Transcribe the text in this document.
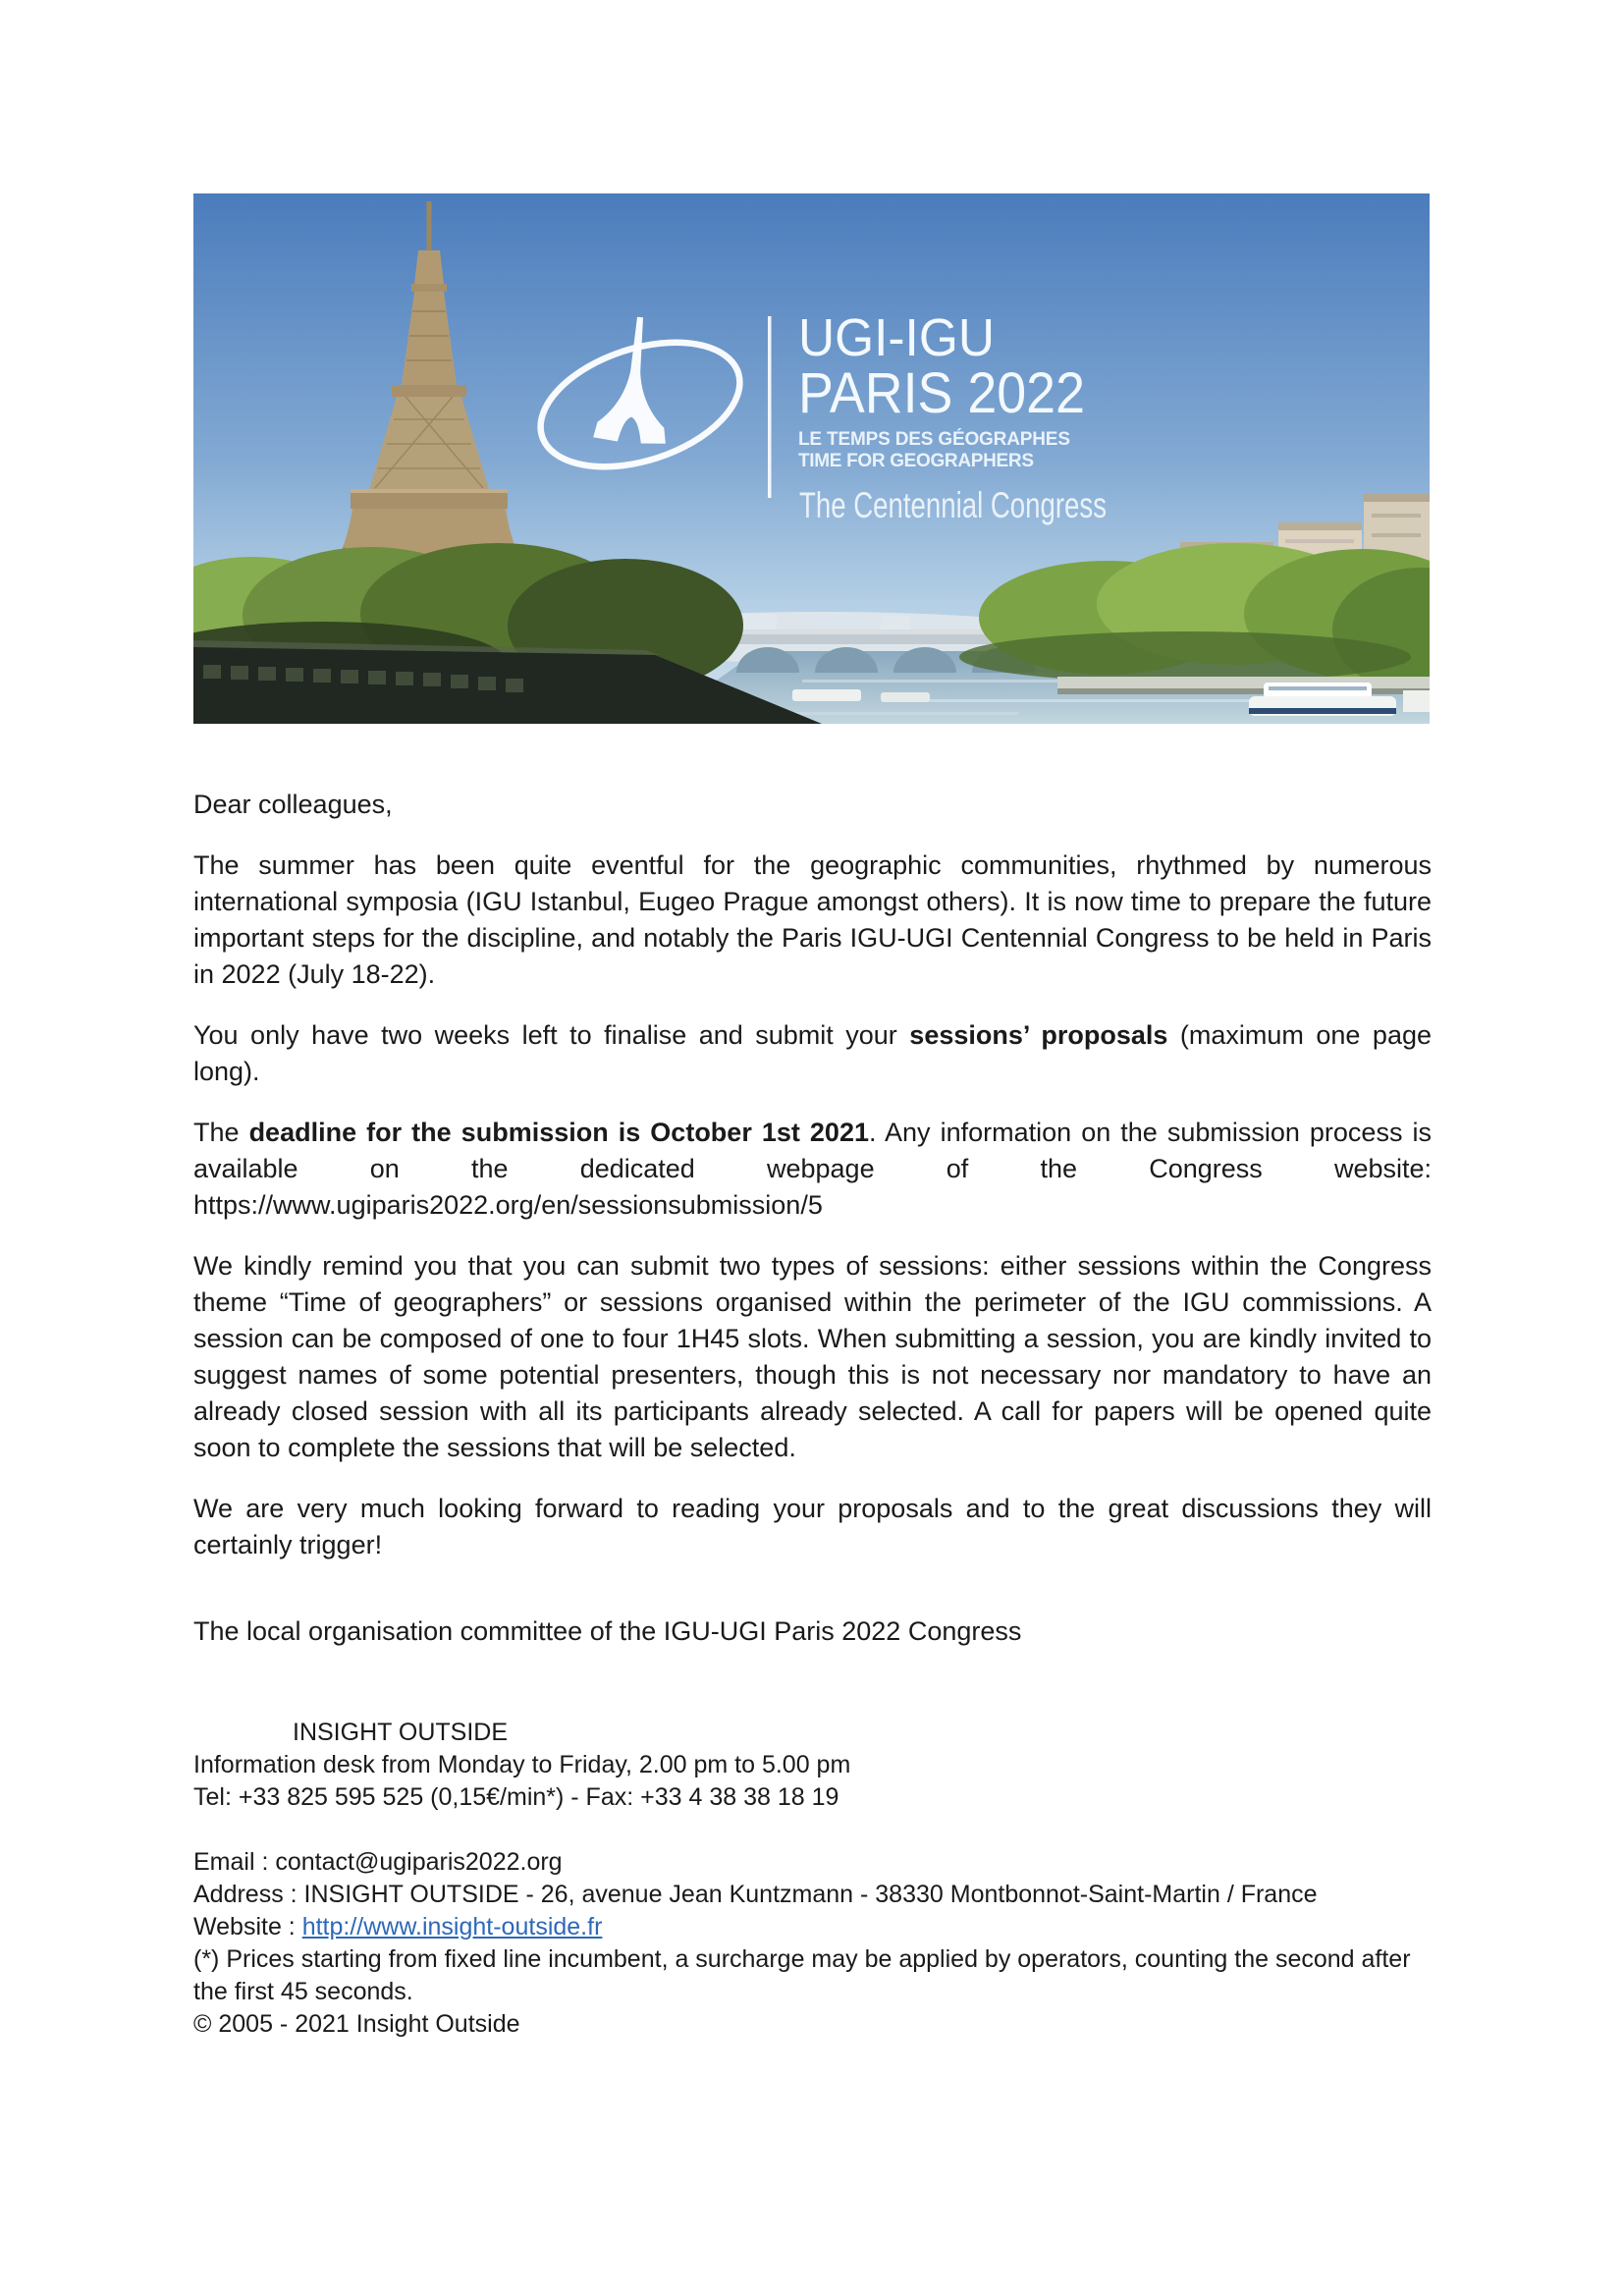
UGI-IGU
PARIS 2022
LE TEMPS DES GÉOGRAPHES
TIME FOR GEOGRAPHERS
The Centennial Congress

Dear colleagues,

The summer has been quite eventful for the geographic communities, rhythmed by numerous international symposia (IGU Istanbul, Eugeo Prague amongst others). It is now time to prepare the future important steps for the discipline, and notably the Paris IGU-UGI Centennial Congress to be held in Paris in 2022 (July 18-22).

You only have two weeks left to finalise and submit your sessions’ proposals (maximum one page long).

The deadline for the submission is October 1st 2021. Any information on the submission process is available on the dedicated webpage of the Congress website: https://www.ugiparis2022.org/en/sessionsubmission/5

We kindly remind you that you can submit two types of sessions: either sessions within the Congress theme “Time of geographers” or sessions organised within the perimeter of the IGU commissions. A session can be composed of one to four 1H45 slots. When submitting a session, you are kindly invited to suggest names of some potential presenters, though this is not necessary nor mandatory to have an already closed session with all its participants already selected. A call for papers will be opened quite soon to complete the sessions that will be selected.

We are very much looking forward to reading your proposals and to the great discussions they will certainly trigger!

The local organisation committee of the IGU-UGI Paris 2022 Congress

INSIGHT OUTSIDE
Information desk from Monday to Friday, 2.00 pm to 5.00 pm
Tel: +33 825 595 525 (0,15€/min*) - Fax: +33 4 38 38 18 19
Email : contact@ugiparis2022.org
Address : INSIGHT OUTSIDE - 26, avenue Jean Kuntzmann - 38330 Montbonnot-Saint-Martin / France
Website : http://www.insight-outside.fr
(*) Prices starting from fixed line incumbent, a surcharge may be applied by operators, counting the second after the first 45 seconds.
© 2005 - 2021 Insight Outside
